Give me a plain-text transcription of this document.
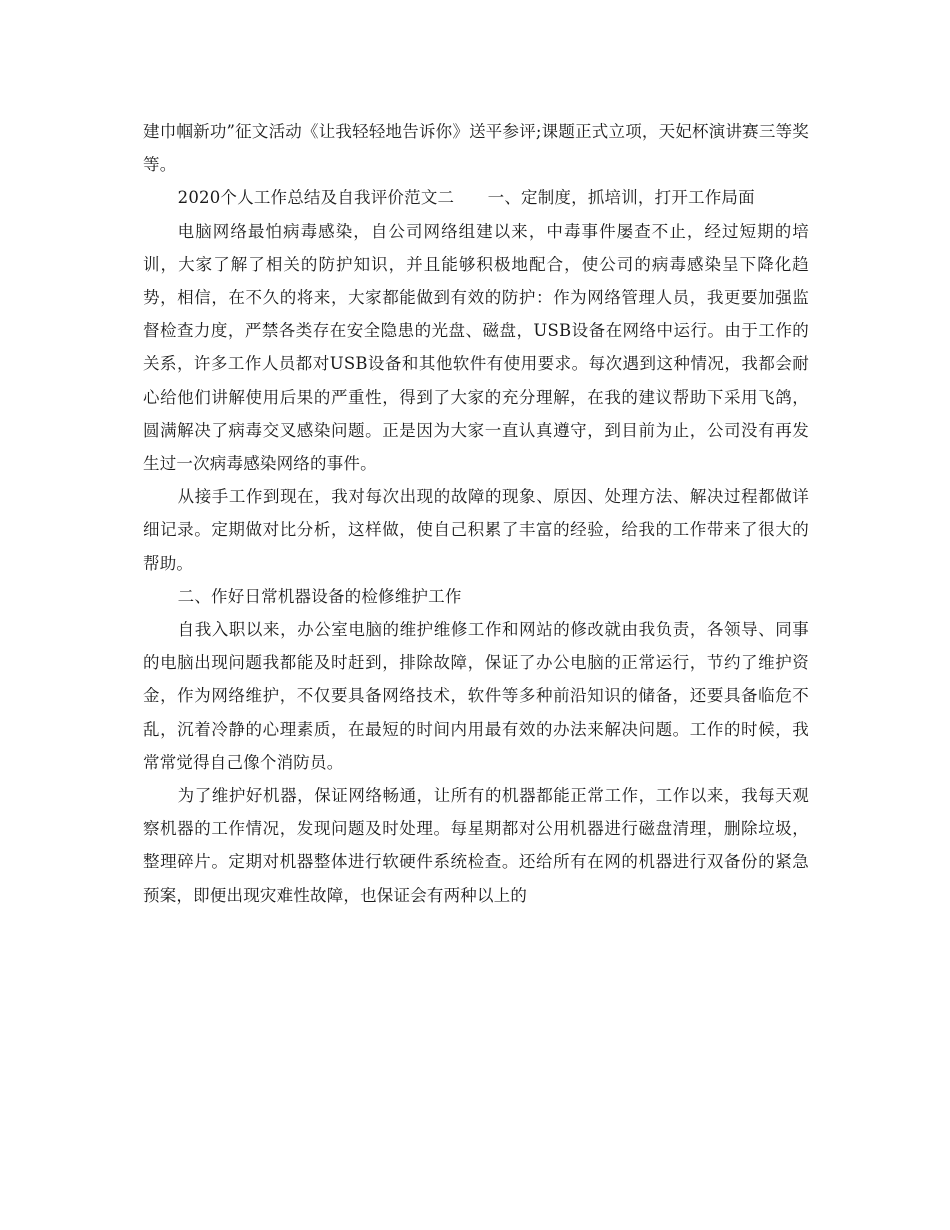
建巾帼新功”征文活动《让我轻轻地告诉你》送平参评;课题正式立项，天妃杯演讲赛三等奖等。

2020个人工作总结及自我评价范文二　　一、定制度，抓培训，打开工作局面

电脑网络最怕病毒感染，自公司网络组建以来，中毒事件屡查不止，经过短期的培训，大家了解了相关的防护知识，并且能够积极地配合，使公司的病毒感染呈下降化趋势，相信，在不久的将来，大家都能做到有效的防护：作为网络管理人员，我更要加强监督检查力度，严禁各类存在安全隐患的光盘、磁盘，USB设备在网络中运行。由于工作的关系，许多工作人员都对USB设备和其他软件有使用要求。每次遇到这种情况，我都会耐心给他们讲解使用后果的严重性，得到了大家的充分理解，在我的建议帮助下采用飞鸽，圆满解决了病毒交叉感染问题。正是因为大家一直认真遵守，到目前为止，公司没有再发生过一次病毒感染网络的事件。

从接手工作到现在，我对每次出现的故障的现象、原因、处理方法、解决过程都做详细记录。定期做对比分析，这样做，使自己积累了丰富的经验，给我的工作带来了很大的帮助。

二、作好日常机器设备的检修维护工作

自我入职以来，办公室电脑的维护维修工作和网站的修改就由我负责，各领导、同事的电脑出现问题我都能及时赶到，排除故障，保证了办公电脑的正常运行，节约了维护资金，作为网络维护，不仅要具备网络技术，软件等多种前沿知识的储备，还要具备临危不乱，沉着冷静的心理素质，在最短的时间内用最有效的办法来解决问题。工作的时候，我常常觉得自己像个消防员。

为了维护好机器，保证网络畅通，让所有的机器都能正常工作，工作以来，我每天观察机器的工作情况，发现问题及时处理。每星期都对公用机器进行磁盘清理，删除垃圾，整理碎片。定期对机器整体进行软硬件系统检查。还给所有在网的机器进行双备份的紧急预案，即便出现灾难性故障，也保证会有两种以上的
